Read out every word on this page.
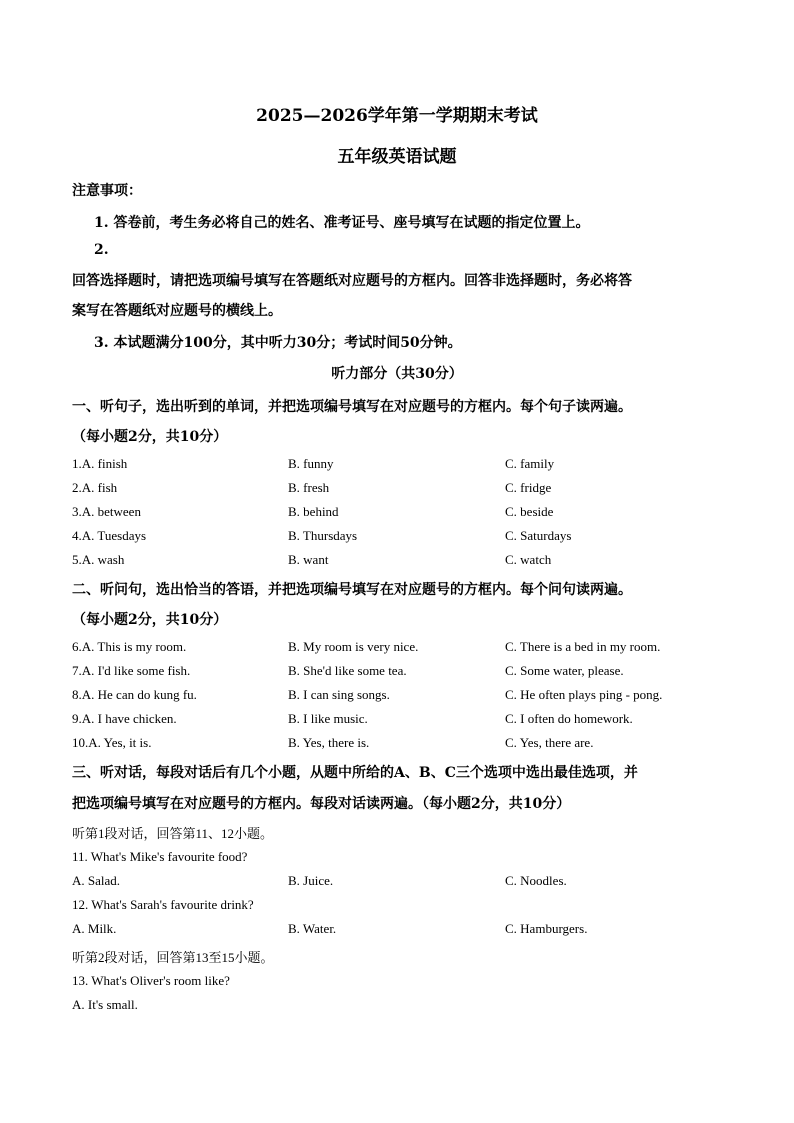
2025—2026学年第一学期期末考试
五年级英语试题
注意事项：
1. 答卷前，考生务必将自己的姓名、准考证号、座号填写在试题的指定位置上。
2.
回答选择题时，请把选项编号填写在答题纸对应题号的方框内。回答非选择题时，务必将答
案写在答题纸对应题号的横线上。
3. 本试题满分100分，其中听力30分；考试时间50分钟。
听力部分（共30分）
一、听句子，选出听到的单词，并把选项编号填写在对应题号的方框内。每个句子读两遍。
（每小题2分，共10分）
1.A. finish	B. funny	C. family
2.A. fish	B. fresh	C. fridge
3.A. between	B. behind	C. beside
4.A. Tuesdays	B. Thursdays	C. Saturdays
5.A. wash	B. want	C. watch
二、听问句，选出恰当的答语，并把选项编号填写在对应题号的方框内。每个问句读两遍。
（每小题2分，共10分）
6.A. This is my room.	B. My room is very nice.	C. There is a bed in my room.
7.A. I'd like some fish.	B. She'd like some tea.	C. Some water, please.
8.A. He can do kung fu.	B. I can sing songs.	C. He often plays ping - pong.
9.A. I have chicken.	B. I like music.	C. I often do homework.
10.A. Yes, it is.	B. Yes, there is.	C. Yes, there are.
三、听对话，每段对话后有几个小题，从题中所给的A、B、C三个选项中选出最佳选项，并
把选项编号填写在对应题号的方框内。每段对话读两遍。（每小题2分，共10分）
听第1段对话，回答第11、12小题。
11. What's Mike's favourite food?
A. Salad.	B. Juice.	C. Noodles.
12. What's Sarah's favourite drink?
A. Milk.	B. Water.	C. Hamburgers.
听第2段对话，回答第13至15小题。
13. What's Oliver's room like?
A. It's small.
